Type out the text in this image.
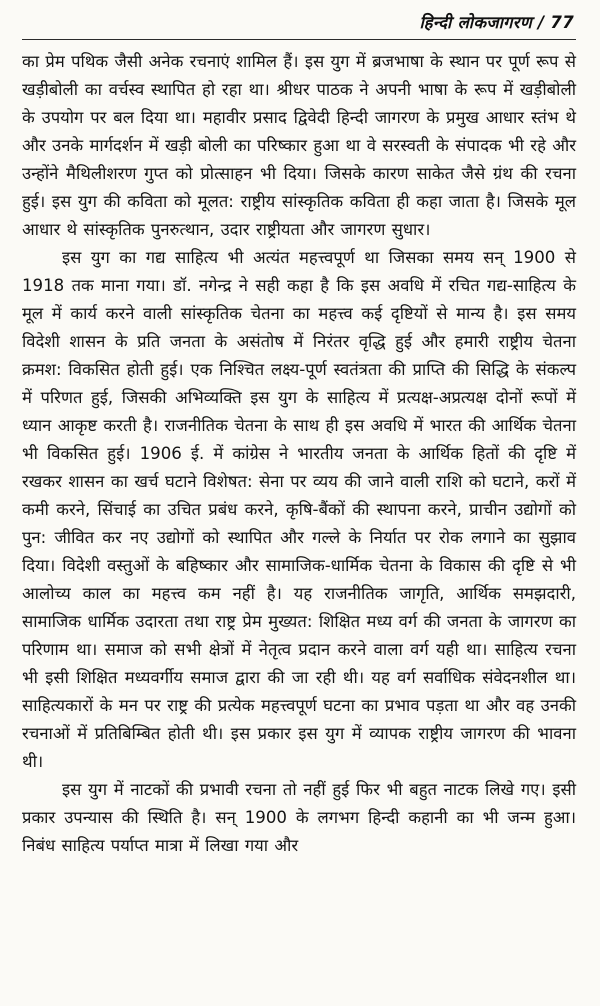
हिन्दी लोकजागरण / 77

का प्रेम पथिक जैसी अनेक रचनाएं शामिल हैं। इस युग में ब्रजभाषा के स्थान पर पूर्ण रूप से खड़ीबोली का वर्चस्व स्थापित हो रहा था। श्रीधर पाठक ने अपनी भाषा के रूप में खड़ीबोली के उपयोग पर बल दिया था। महावीर प्रसाद द्विवेदी हिन्दी जागरण के प्रमुख आधार स्तंभ थे और उनके मार्गदर्शन में खड़ी बोली का परिष्कार हुआ था वे सरस्वती के संपादक भी रहे और उन्होंने मैथिलीशरण गुप्त को प्रोत्साहन भी दिया। जिसके कारण साकेत जैसे ग्रंथ की रचना हुई। इस युग की कविता को मूलत: राष्ट्रीय सांस्कृतिक कविता ही कहा जाता है। जिसके मूल आधार थे सांस्कृतिक पुनरुत्थान, उदार राष्ट्रीयता और जागरण सुधार।

इस युग का गद्य साहित्य भी अत्यंत महत्त्वपूर्ण था जिसका समय सन् 1900 से 1918 तक माना गया। डॉ. नगेन्द्र ने सही कहा है कि इस अवधि में रचित गद्य-साहित्य के मूल में कार्य करने वाली सांस्कृतिक चेतना का महत्त्व कई दृष्टियों से मान्य है। इस समय विदेशी शासन के प्रति जनता के असंतोष में निरंतर वृद्धि हुई और हमारी राष्ट्रीय चेतना क्रमश: विकसित होती हुई। एक निश्चित लक्ष्य-पूर्ण स्वतंत्रता की प्राप्ति की सिद्धि के संकल्प में परिणत हुई, जिसकी अभिव्यक्ति इस युग के साहित्य में प्रत्यक्ष-अप्रत्यक्ष दोनों रूपों में ध्यान आकृष्ट करती है। राजनीतिक चेतना के साथ ही इस अवधि में भारत की आर्थिक चेतना भी विकसित हुई। 1906 ई. में कांग्रेस ने भारतीय जनता के आर्थिक हितों की दृष्टि में रखकर शासन का खर्च घटाने विशेषत: सेना पर व्यय की जाने वाली राशि को घटाने, करों में कमी करने, सिंचाई का उचित प्रबंध करने, कृषि-बैंकों की स्थापना करने, प्राचीन उद्योगों को पुन: जीवित कर नए उद्योगों को स्थापित और गल्ले के निर्यात पर रोक लगाने का सुझाव दिया। विदेशी वस्तुओं के बहिष्कार और सामाजिक-धार्मिक चेतना के विकास की दृष्टि से भी आलोच्य काल का महत्त्व कम नहीं है। यह राजनीतिक जागृति, आर्थिक समझदारी, सामाजिक धार्मिक उदारता तथा राष्ट्र प्रेम मुख्यत: शिक्षित मध्य वर्ग की जनता के जागरण का परिणाम था। समाज को सभी क्षेत्रों में नेतृत्व प्रदान करने वाला वर्ग यही था। साहित्य रचना भी इसी शिक्षित मध्यवर्गीय समाज द्वारा की जा रही थी। यह वर्ग सर्वाधिक संवेदनशील था। साहित्यकारों के मन पर राष्ट्र की प्रत्येक महत्त्वपूर्ण घटना का प्रभाव पड़ता था और वह उनकी रचनाओं में प्रतिबिम्बित होती थी। इस प्रकार इस युग में व्यापक राष्ट्रीय जागरण की भावना थी।

इस युग में नाटकों की प्रभावी रचना तो नहीं हुई फिर भी बहुत नाटक लिखे गए। इसी प्रकार उपन्यास की स्थिति है। सन् 1900 के लगभग हिन्दी कहानी का भी जन्म हुआ। निबंध साहित्य पर्याप्त मात्रा में लिखा गया और
